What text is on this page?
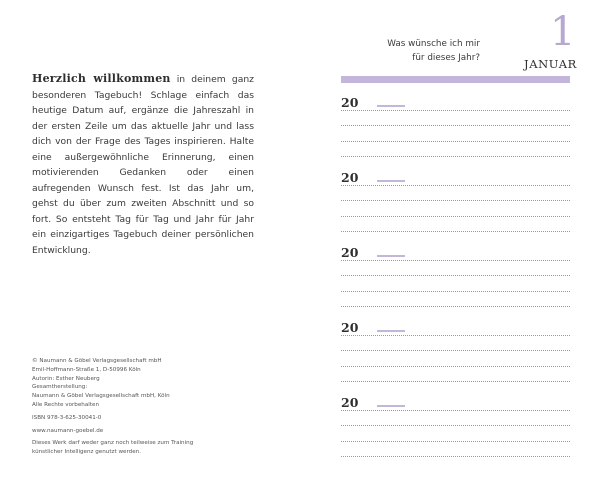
Herzlich willkommen in deinem ganz besonderen Tagebuch! Schlage einfach das heutige Datum auf, ergänze die Jahreszahl in der ersten Zeile um das aktuelle Jahr und lass dich von der Frage des Tages inspirieren. Halte eine außergewöhnliche Erinnerung, einen motivierenden Gedanken oder einen aufregenden Wunsch fest. Ist das Jahr um, gehst du über zum zweiten Abschnitt und so fort. So entsteht Tag für Tag und Jahr für Jahr ein einzigartiges Tagebuch deiner persönlichen Entwicklung.
© Naumann & Göbel Verlagsgesellschaft mbH
Emil-Hoffmann-Straße 1, D-50996 Köln
Autorin: Esther Neuberg
Gesamtherstellung:
Naumann & Göbel Verlagsgesellschaft mbH, Köln
Alle Rechte vorbehalten
ISBN 978-3-625-30041-0
www.naumann-goebel.de
Dieses Werk darf weder ganz noch teilweise zum Training
künstlicher Intelligenz genutzt werden.
Was wünsche ich mir
für dieses Jahr?
1
JANUAR
20
20
20
20
20
